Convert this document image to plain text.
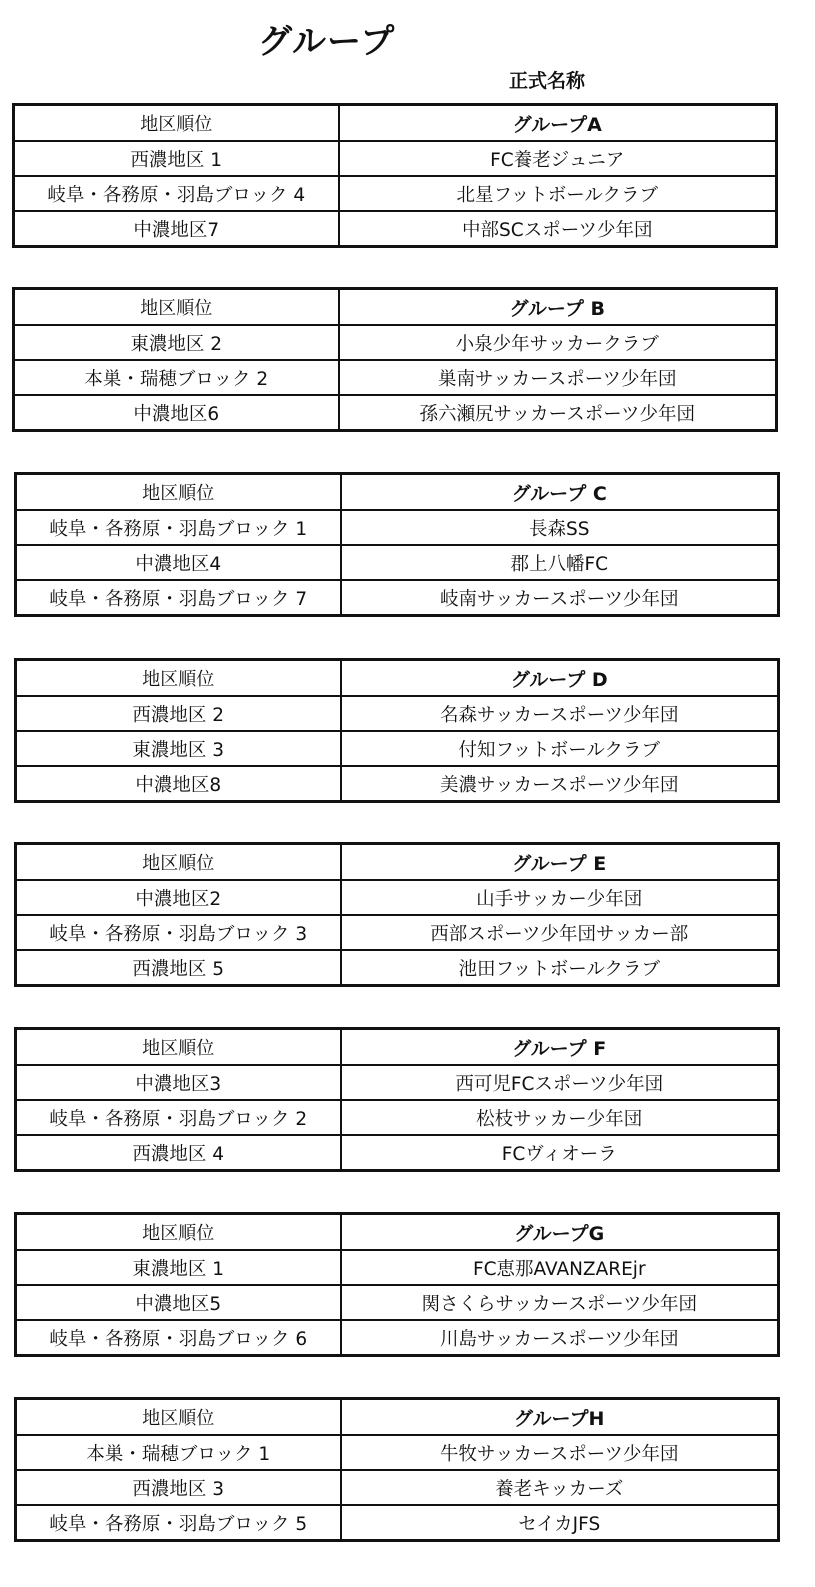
グループ
正式名称
地区順位	グループA
西濃地区 1	FC養老ジュニア
岐阜・各務原・羽島ブロック 4	北星フットボールクラブ
中濃地区7	中部SCスポーツ少年団
地区順位	グループ B
東濃地区 2	小泉少年サッカークラブ
本巣・瑞穂ブロック 2	巣南サッカースポーツ少年団
中濃地区6	孫六瀬尻サッカースポーツ少年団
地区順位	グループ C
岐阜・各務原・羽島ブロック 1	長森SS
中濃地区4	郡上八幡FC
岐阜・各務原・羽島ブロック 7	岐南サッカースポーツ少年団
地区順位	グループ D
西濃地区 2	名森サッカースポーツ少年団
東濃地区 3	付知フットボールクラブ
中濃地区8	美濃サッカースポーツ少年団
地区順位	グループ E
中濃地区2	山手サッカー少年団
岐阜・各務原・羽島ブロック 3	西部スポーツ少年団サッカー部
西濃地区 5	池田フットボールクラブ
地区順位	グループ F
中濃地区3	西可児FCスポーツ少年団
岐阜・各務原・羽島ブロック 2	松枝サッカー少年団
西濃地区 4	FCヴィオーラ
地区順位	グループG
東濃地区 1	FC恵那AVANZAREjr
中濃地区5	関さくらサッカースポーツ少年団
岐阜・各務原・羽島ブロック 6	川島サッカースポーツ少年団
地区順位	グループH
本巣・瑞穂ブロック 1	牛牧サッカースポーツ少年団
西濃地区 3	養老キッカーズ
岐阜・各務原・羽島ブロック 5	セイカJFS
